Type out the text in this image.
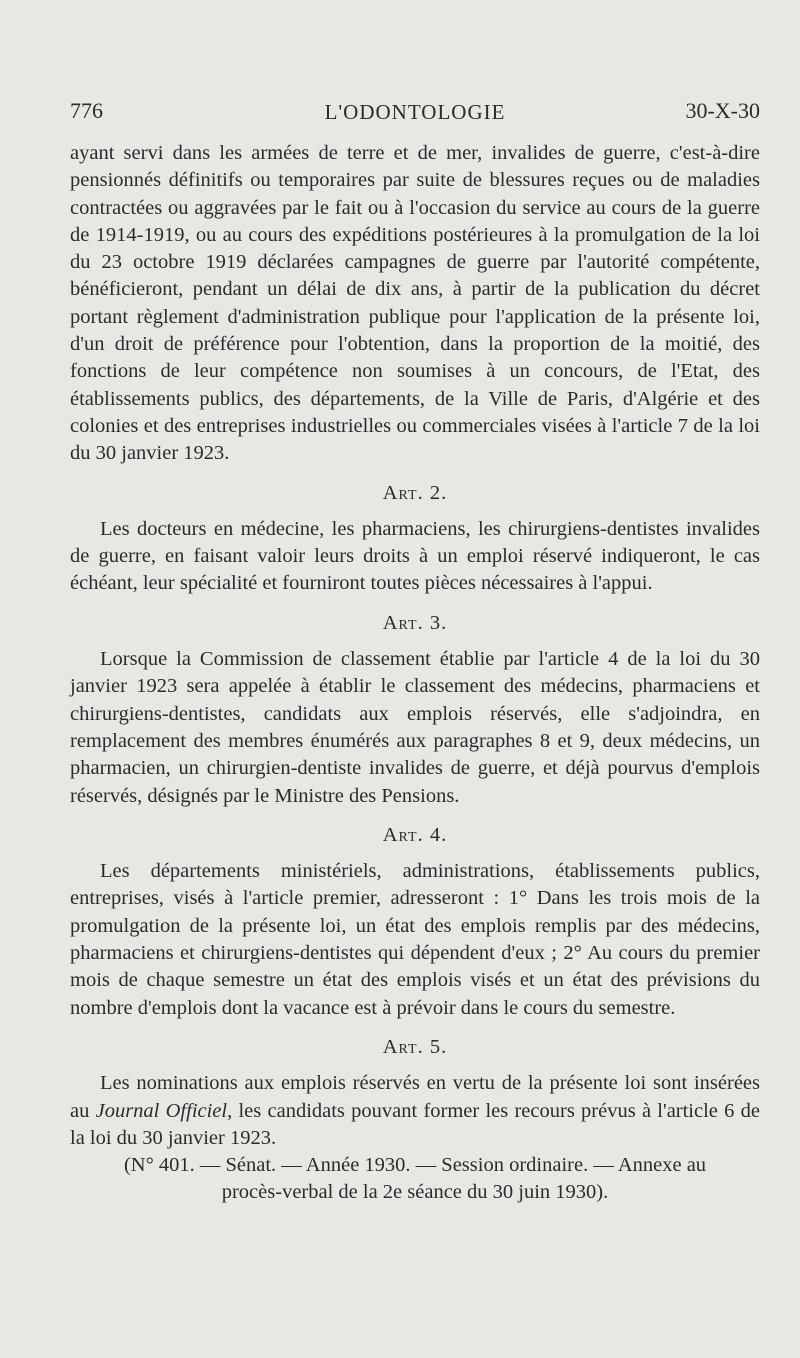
776	L'ODONTOLOGIE	30-X-30

ayant servi dans les armées de terre et de mer, invalides de guerre, c'est-à-dire pensionnés définitifs ou temporaires par suite de blessures reçues ou de maladies contractées ou aggravées par le fait ou à l'occasion du service au cours de la guerre de 1914-1919, ou au cours des expéditions postérieures à la promulgation de la loi du 23 octobre 1919 déclarées campagnes de guerre par l'autorité compétente, bénéficieront, pendant un délai de dix ans, à partir de la publication du décret portant règlement d'administration publique pour l'application de la présente loi, d'un droit de préférence pour l'obtention, dans la proportion de la moitié, des fonctions de leur compétence non soumises à un concours, de l'Etat, des établissements publics, des départements, de la Ville de Paris, d'Algérie et des colonies et des entreprises industrielles ou commerciales visées à l'article 7 de la loi du 30 janvier 1923.

Art. 2.

Les docteurs en médecine, les pharmaciens, les chirurgiens-dentistes invalides de guerre, en faisant valoir leurs droits à un emploi réservé indiqueront, le cas échéant, leur spécialité et fourniront toutes pièces nécessaires à l'appui.

Art. 3.

Lorsque la Commission de classement établie par l'article 4 de la loi du 30 janvier 1923 sera appelée à établir le classement des médecins, pharmaciens et chirurgiens-dentistes, candidats aux emplois réservés, elle s'adjoindra, en remplacement des membres énumérés aux paragraphes 8 et 9, deux médecins, un pharmacien, un chirurgien-dentiste invalides de guerre, et déjà pourvus d'emplois réservés, désignés par le Ministre des Pensions.

Art. 4.

Les départements ministériels, administrations, établissements publics, entreprises, visés à l'article premier, adresseront : 1° Dans les trois mois de la promulgation de la présente loi, un état des emplois remplis par des médecins, pharmaciens et chirurgiens-dentistes qui dépendent d'eux ; 2° Au cours du premier mois de chaque semestre un état des emplois visés et un état des prévisions du nombre d'emplois dont la vacance est à prévoir dans le cours du semestre.

Art. 5.

Les nominations aux emplois réservés en vertu de la présente loi sont insérées au Journal Officiel, les candidats pouvant former les recours prévus à l'article 6 de la loi du 30 janvier 1923.

(N° 401. — Sénat. — Année 1930. — Session ordinaire. — Annexe au

procès-verbal de la 2e séance du 30 juin 1930).
